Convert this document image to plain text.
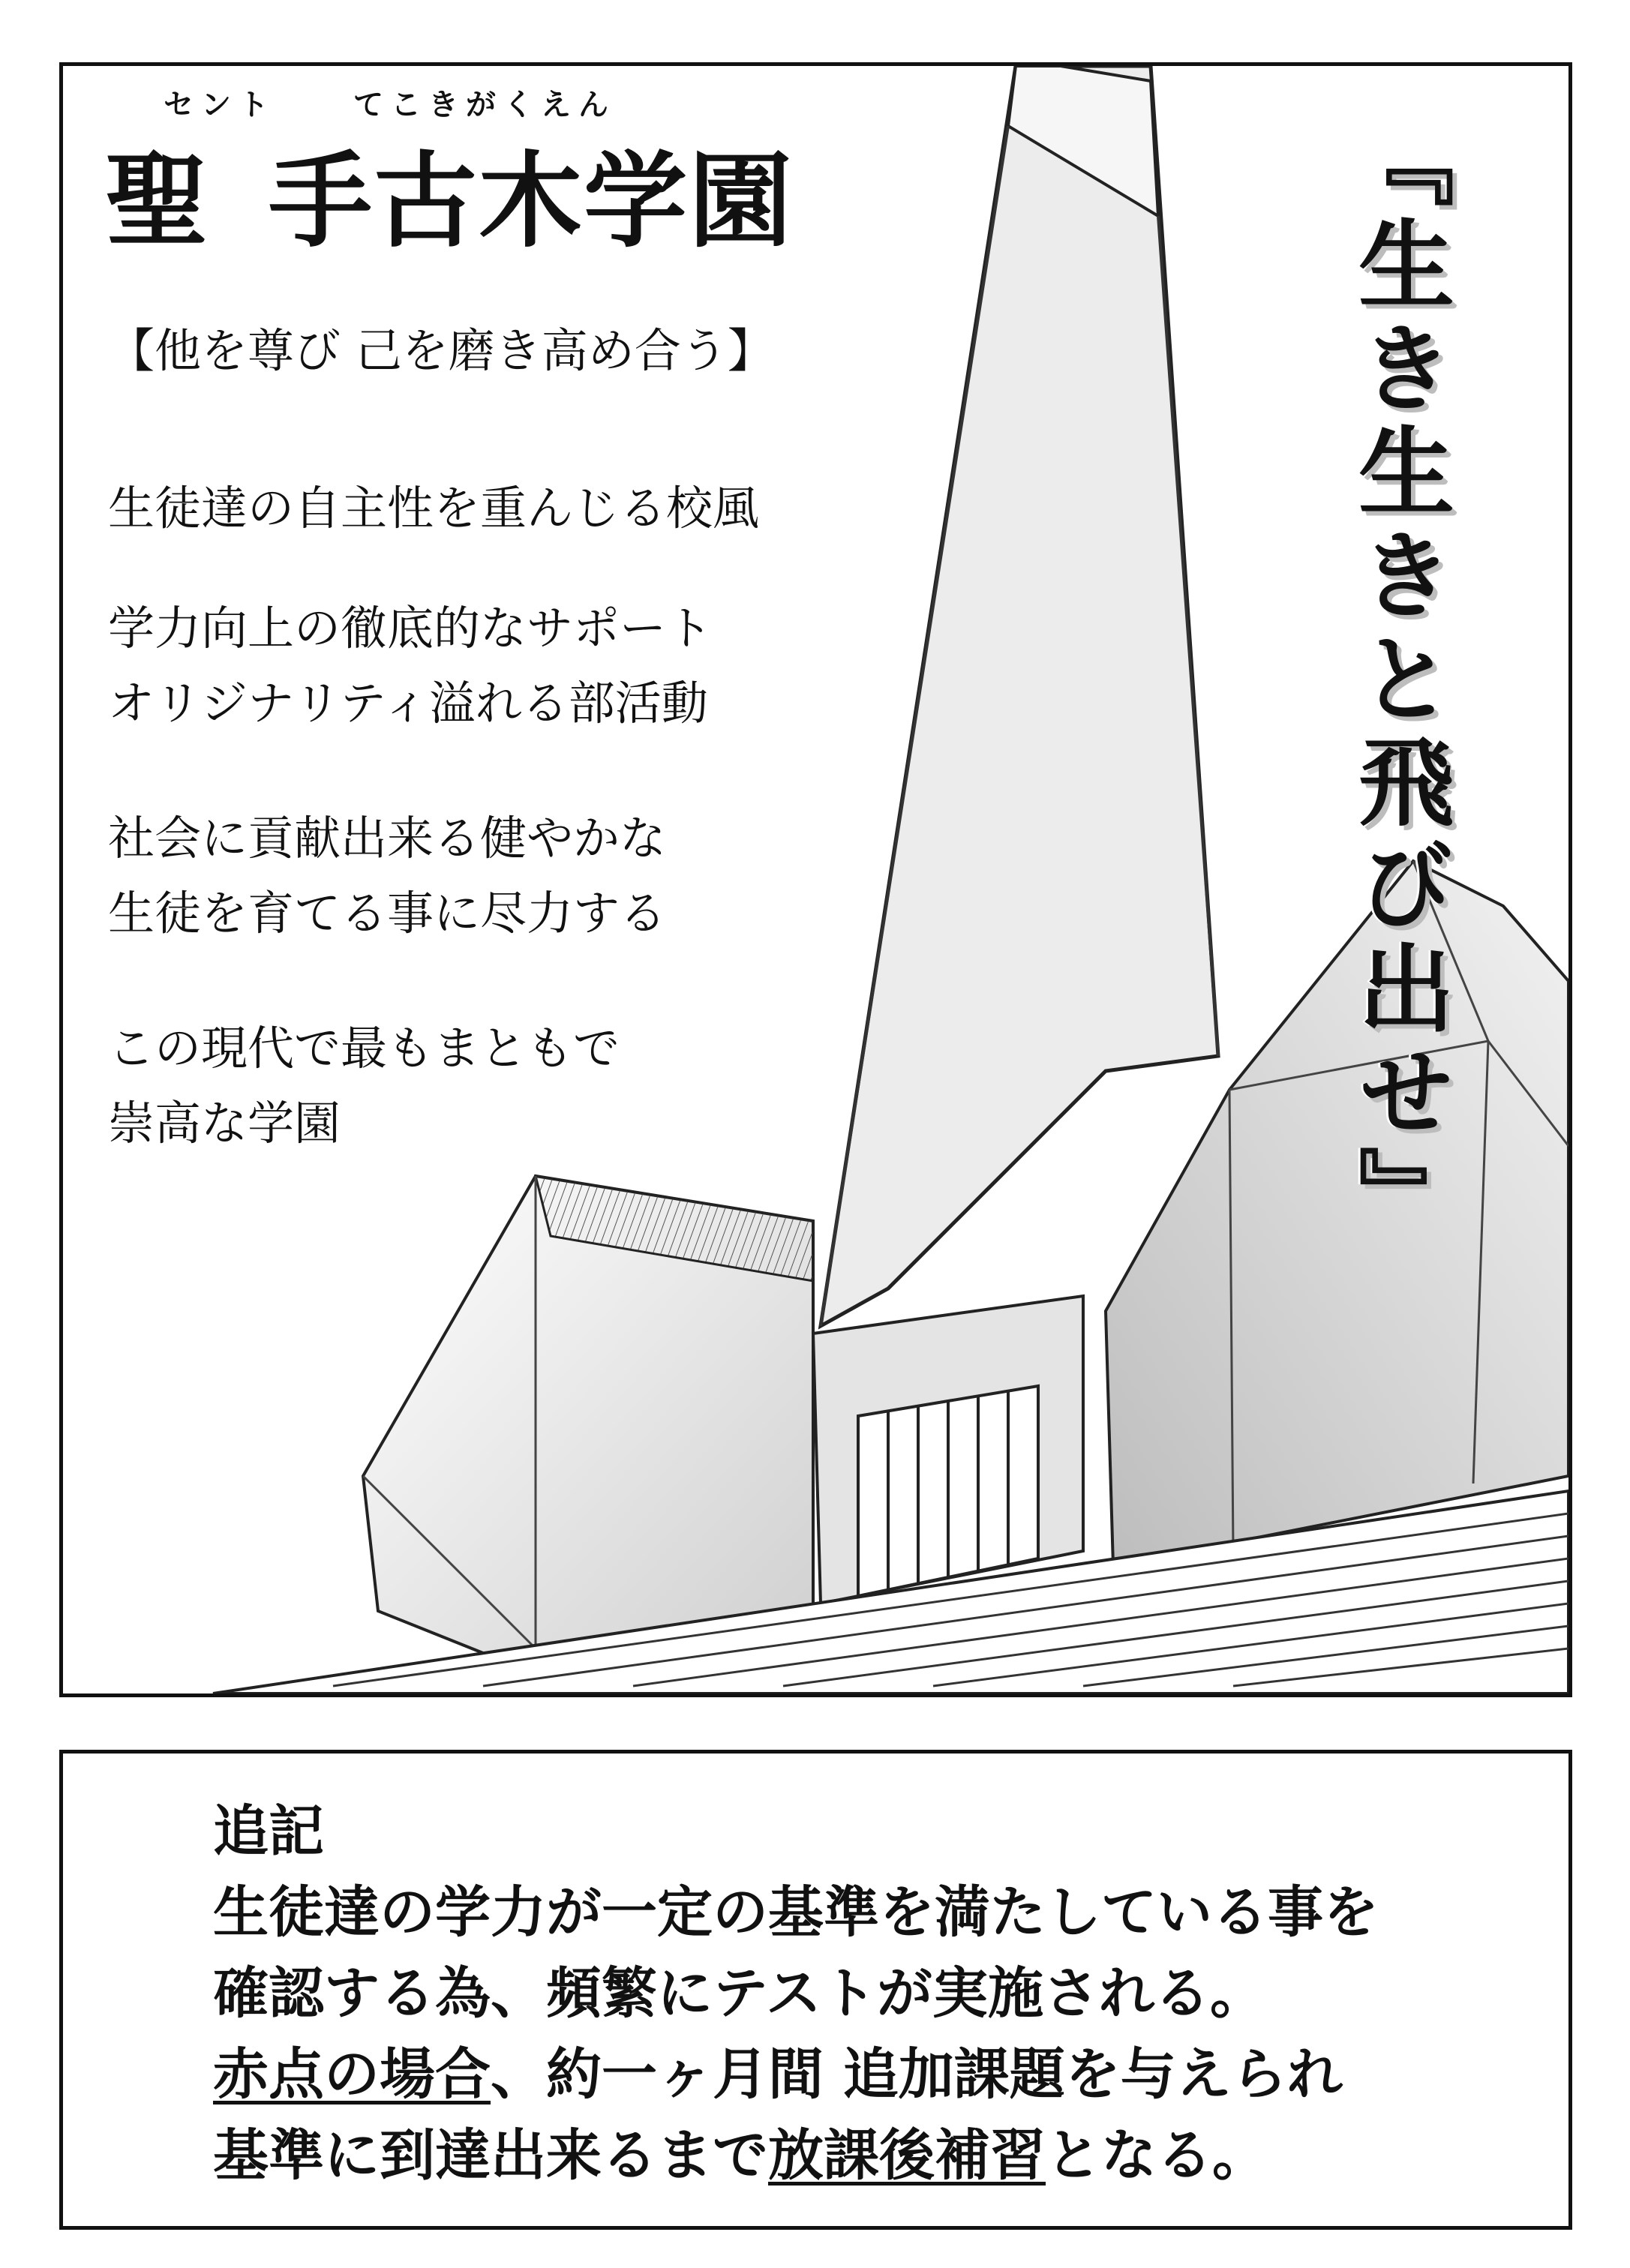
セント	てこきがくえん
聖 手古木学園
【他を尊び 己を磨き高め合う】
生徒達の自主性を重んじる校風
学力向上の徹底的なサポート
オリジナリティ溢れる部活動
社会に貢献出来る健やかな
生徒を育てる事に尽力する
この現代で最もまともで
崇高な学園	『生き生きと飛び出せ』
追記
生徒達の学力が一定の基準を満たしている事を
確認する為、頻繁にテストが実施される。
赤点の場合、約一ヶ月間 追加課題を与えられ
基準に到達出来るまで放課後補習となる。
